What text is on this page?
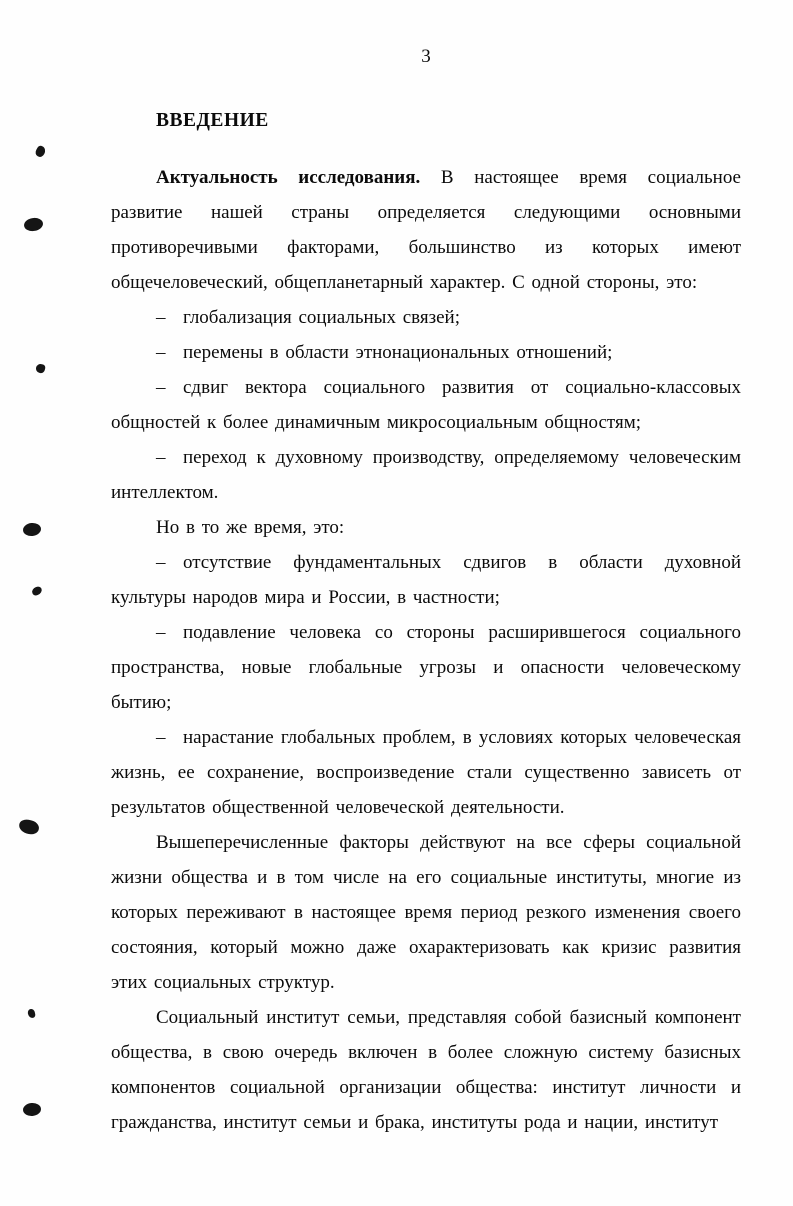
3
ВВЕДЕНИЕ

Актуальность исследования. В настоящее время социальное развитие нашей страны определяется следующими основными противоречивыми факторами, большинство из которых имеют общечеловеческий, общепланетарный характер. С одной стороны, это:

– глобализация социальных связей;

– перемены в области этнонациональных отношений;

– сдвиг вектора социального развития от социально-классовых общностей к более динамичным микросоциальным общностям;

– переход к духовному производству, определяемому человеческим интеллектом.

Но в то же время, это:

– отсутствие фундаментальных сдвигов в области духовной культуры народов мира и России, в частности;

– подавление человека со стороны расширившегося социального пространства, новые глобальные угрозы и опасности человеческому бытию;

– нарастание глобальных проблем, в условиях которых человеческая жизнь, ее сохранение, воспроизведение стали существенно зависеть от результатов общественной человеческой деятельности.

Вышеперечисленные факторы действуют на все сферы социальной жизни общества и в том числе на его социальные институты, многие из которых переживают в настоящее время период резкого изменения своего состояния, который можно даже охарактеризовать как кризис развития этих социальных структур.

Социальный институт семьи, представляя собой базисный компонент общества, в свою очередь включен в более сложную систему базисных компонентов социальной организации общества: институт личности и гражданства, институт семьи и брака, институты рода и нации, институт
